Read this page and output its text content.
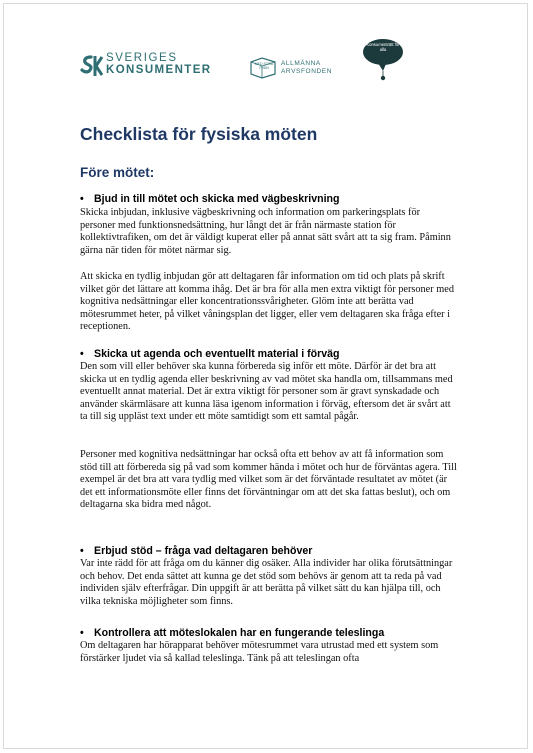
SVERIGES
KONSUMENTER	MED STÖD FRÅN
ALLMÄNNA
ARVSFONDEN
Konsumenträtt för alla
Checklista för fysiska möten
Före mötet:
• Bjud in till mötet och skicka med vägbeskrivning

Skicka inbjudan, inklusive vägbeskrivning och information om parkeringsplats för personer med funktionsnedsättning, hur långt det är från närmaste station för kollektivtrafiken, om det är väldigt kuperat eller på annat sätt svårt att ta sig fram. Påminn gärna när tiden för mötet närmar sig.

Att skicka en tydlig inbjudan gör att deltagaren får information om tid och plats på skrift vilket gör det lättare att komma ihåg. Det är bra för alla men extra viktigt för personer med kognitiva nedsättningar eller koncentrationssvårigheter. Glöm inte att berätta vad mötesrummet heter, på vilket våningsplan det ligger, eller vem deltagaren ska fråga efter i receptionen.

• Skicka ut agenda och eventuellt material i förväg

Den som vill eller behöver ska kunna förbereda sig inför ett möte. Därför är det bra att skicka ut en tydlig agenda eller beskrivning av vad mötet ska handla om, tillsammans med eventuellt annat material. Det är extra viktigt för personer som är gravt synskadade och använder skärmläsare att kunna läsa igenom information i förväg, eftersom det är svårt att ta till sig uppläst text under ett möte samtidigt som ett samtal pågår.

Personer med kognitiva nedsättningar har också ofta ett behov av att få information som stöd till att förbereda sig på vad som kommer hända i mötet och hur de förväntas agera. Till exempel är det bra att vara tydlig med vilket som är det förväntade resultatet av mötet (är det ett informationsmöte eller finns det förväntningar om att det ska fattas beslut), och om deltagarna ska bidra med något.

• Erbjud stöd – fråga vad deltagaren behöver

Var inte rädd för att fråga om du känner dig osäker. Alla individer har olika förutsättningar och behov. Det enda sättet att kunna ge det stöd som behövs är genom att ta reda på vad individen själv efterfrågar. Din uppgift är att berätta på vilket sätt du kan hjälpa till, och vilka tekniska möjligheter som finns.

• Kontrollera att möteslokalen har en fungerande teleslinga

Om deltagaren har hörapparat behöver mötesrummet vara utrustad med ett system som förstärker ljudet via så kallad teleslinga. Tänk på att teleslingan ofta
